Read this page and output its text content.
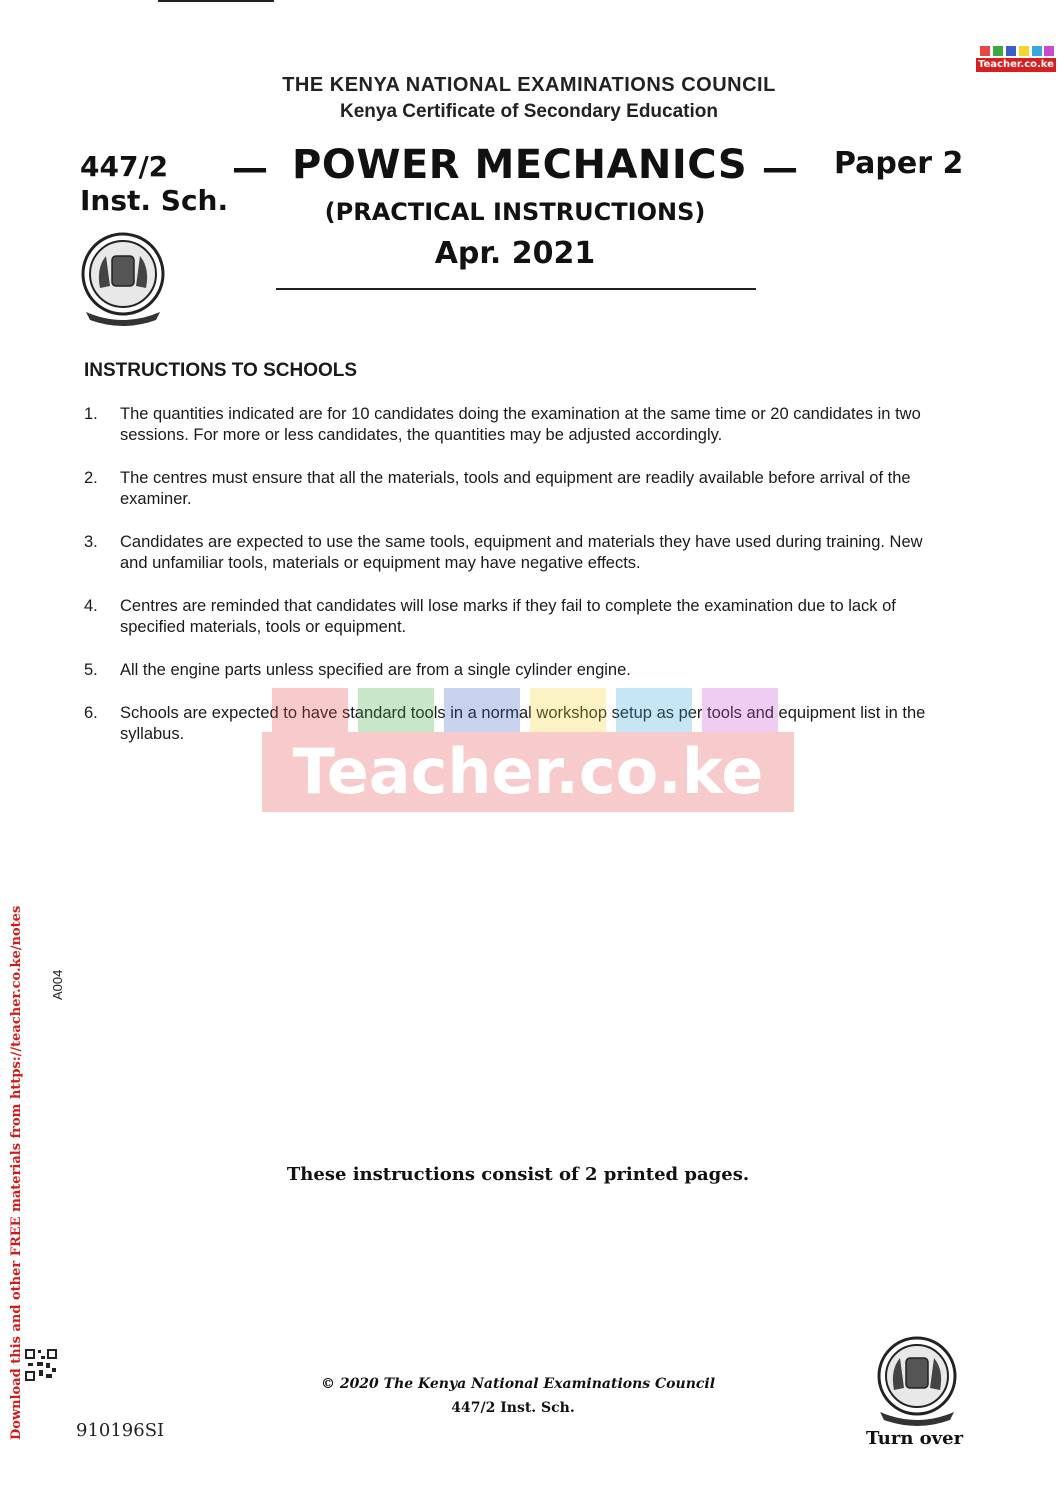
Teacher.co.ke
THE KENYA NATIONAL EXAMINATIONS COUNCIL
Kenya Certificate of Secondary Education
447/2
Inst. Sch.
— POWER MECHANICS — Paper 2
(PRACTICAL INSTRUCTIONS)
Apr. 2021
INSTRUCTIONS TO SCHOOLS
1. The quantities indicated are for 10 candidates doing the examination at the same time or 20 candidates in two sessions. For more or less candidates, the quantities may be adjusted accordingly.
2. The centres must ensure that all the materials, tools and equipment are readily available before arrival of the examiner.
3. Candidates are expected to use the same tools, equipment and materials they have used during training. New and unfamiliar tools, materials or equipment may have negative effects.
4. Centres are reminded that candidates will lose marks if they fail to complete the examination due to lack of specified materials, tools or equipment.
5. All the engine parts unless specified are from a single cylinder engine.
6. Schools are expected to have standard tools in a normal workshop setup as per tools and equipment list in the syllabus.
Teacher.co.ke
Download this and other FREE materials from https://teacher.co.ke/notes A004
These instructions consist of 2 printed pages.
© 2020 The Kenya National Examinations Council
447/2 Inst. Sch.
910196SI	Turn over
